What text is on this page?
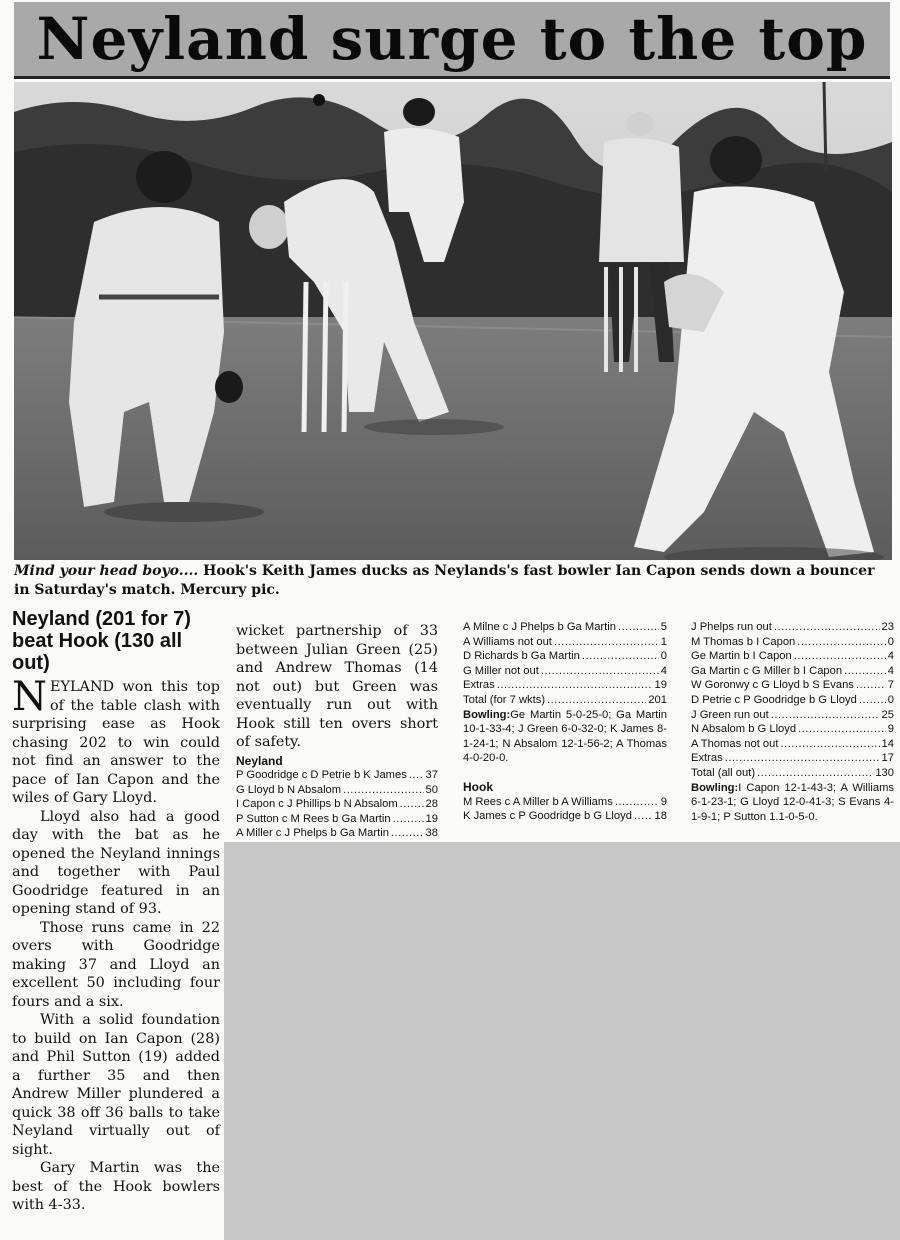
Neyland surge to the top
Mind your head boyo.... Hook's Keith James ducks as Neylands's fast bowler Ian Capon sends down a bouncer in Saturday's match. Mercury pic.
Neyland (201 for 7) beat Hook (130 all out)

NEYLAND won this top of the table clash with surprising ease as Hook chasing 202 to win could not find an answer to the pace of Ian Capon and the wiles of Gary Lloyd.

Lloyd also had a good day with the bat as he opened the Neyland innings and together with Paul Goodridge featured in an opening stand of 93.

Those runs came in 22 overs with Goodridge making 37 and Lloyd an excellent 50 including four fours and a six.

With a solid foundation to build on Ian Capon (28) and Phil Sutton (19) added a further 35 and then Andrew Miller plundered a quick 38 off 36 balls to take Neyland virtually out of sight.

Gary Martin was the best of the Hook bowlers with 4-33.

wicket partnership of 33 between Julian Green (25) and Andrew Thomas (14 not out) but Green was eventually run out with Hook still ten overs short of safety.

Neyland
P Goodridge c D Petrie b K James ..... 37
G Lloyd b N Absalom .....	50
I Capon c J Phillips b N Absalom ..... 28
P Sutton c M Rees b Ga Martin .....	19
A Miller c J Phelps b Ga Martin .....	38
A Milne c J Phelps b Ga Martin .....	5
A Williams not out .....	1
D Richards b Ga Martin .....	0
G Miller not out .....	4
Extras .....	19
Total (for 7 wkts) .....	201
Bowling:Ge Martin 5-0-25-0; Ga Martin 10-1-33-4; J Green 6-0-32-0; K James 8-1-24-1; N Absalom 12-1-56-2; A Thomas 4-0-20-0.
Hook
M Rees c A Miller b A Williams .....	9
K James c P Goodridge b G Lloyd ..... 18
J Phelps run out .....	23
M Thomas b I Capon .....	0
Ge Martin b I Capon .....	4
Ga Martin c G Miller b I Capon .....	4
W Goronwy c G Lloyd b S Evans .....	7
D Petrie c P Goodridge b G Lloyd .....	0
J Green run out .....	25
N Absalom b G Lloyd .....	9
A Thomas not out .....	14
Extras .....	17
Total (all out) .....	130
Bowling:I Capon 12-1-43-3; A Williams 6-1-23-1; G Lloyd 12-0-41-3; S Evans 4-1-9-1; P Sutton 1.1-0-5-0.
